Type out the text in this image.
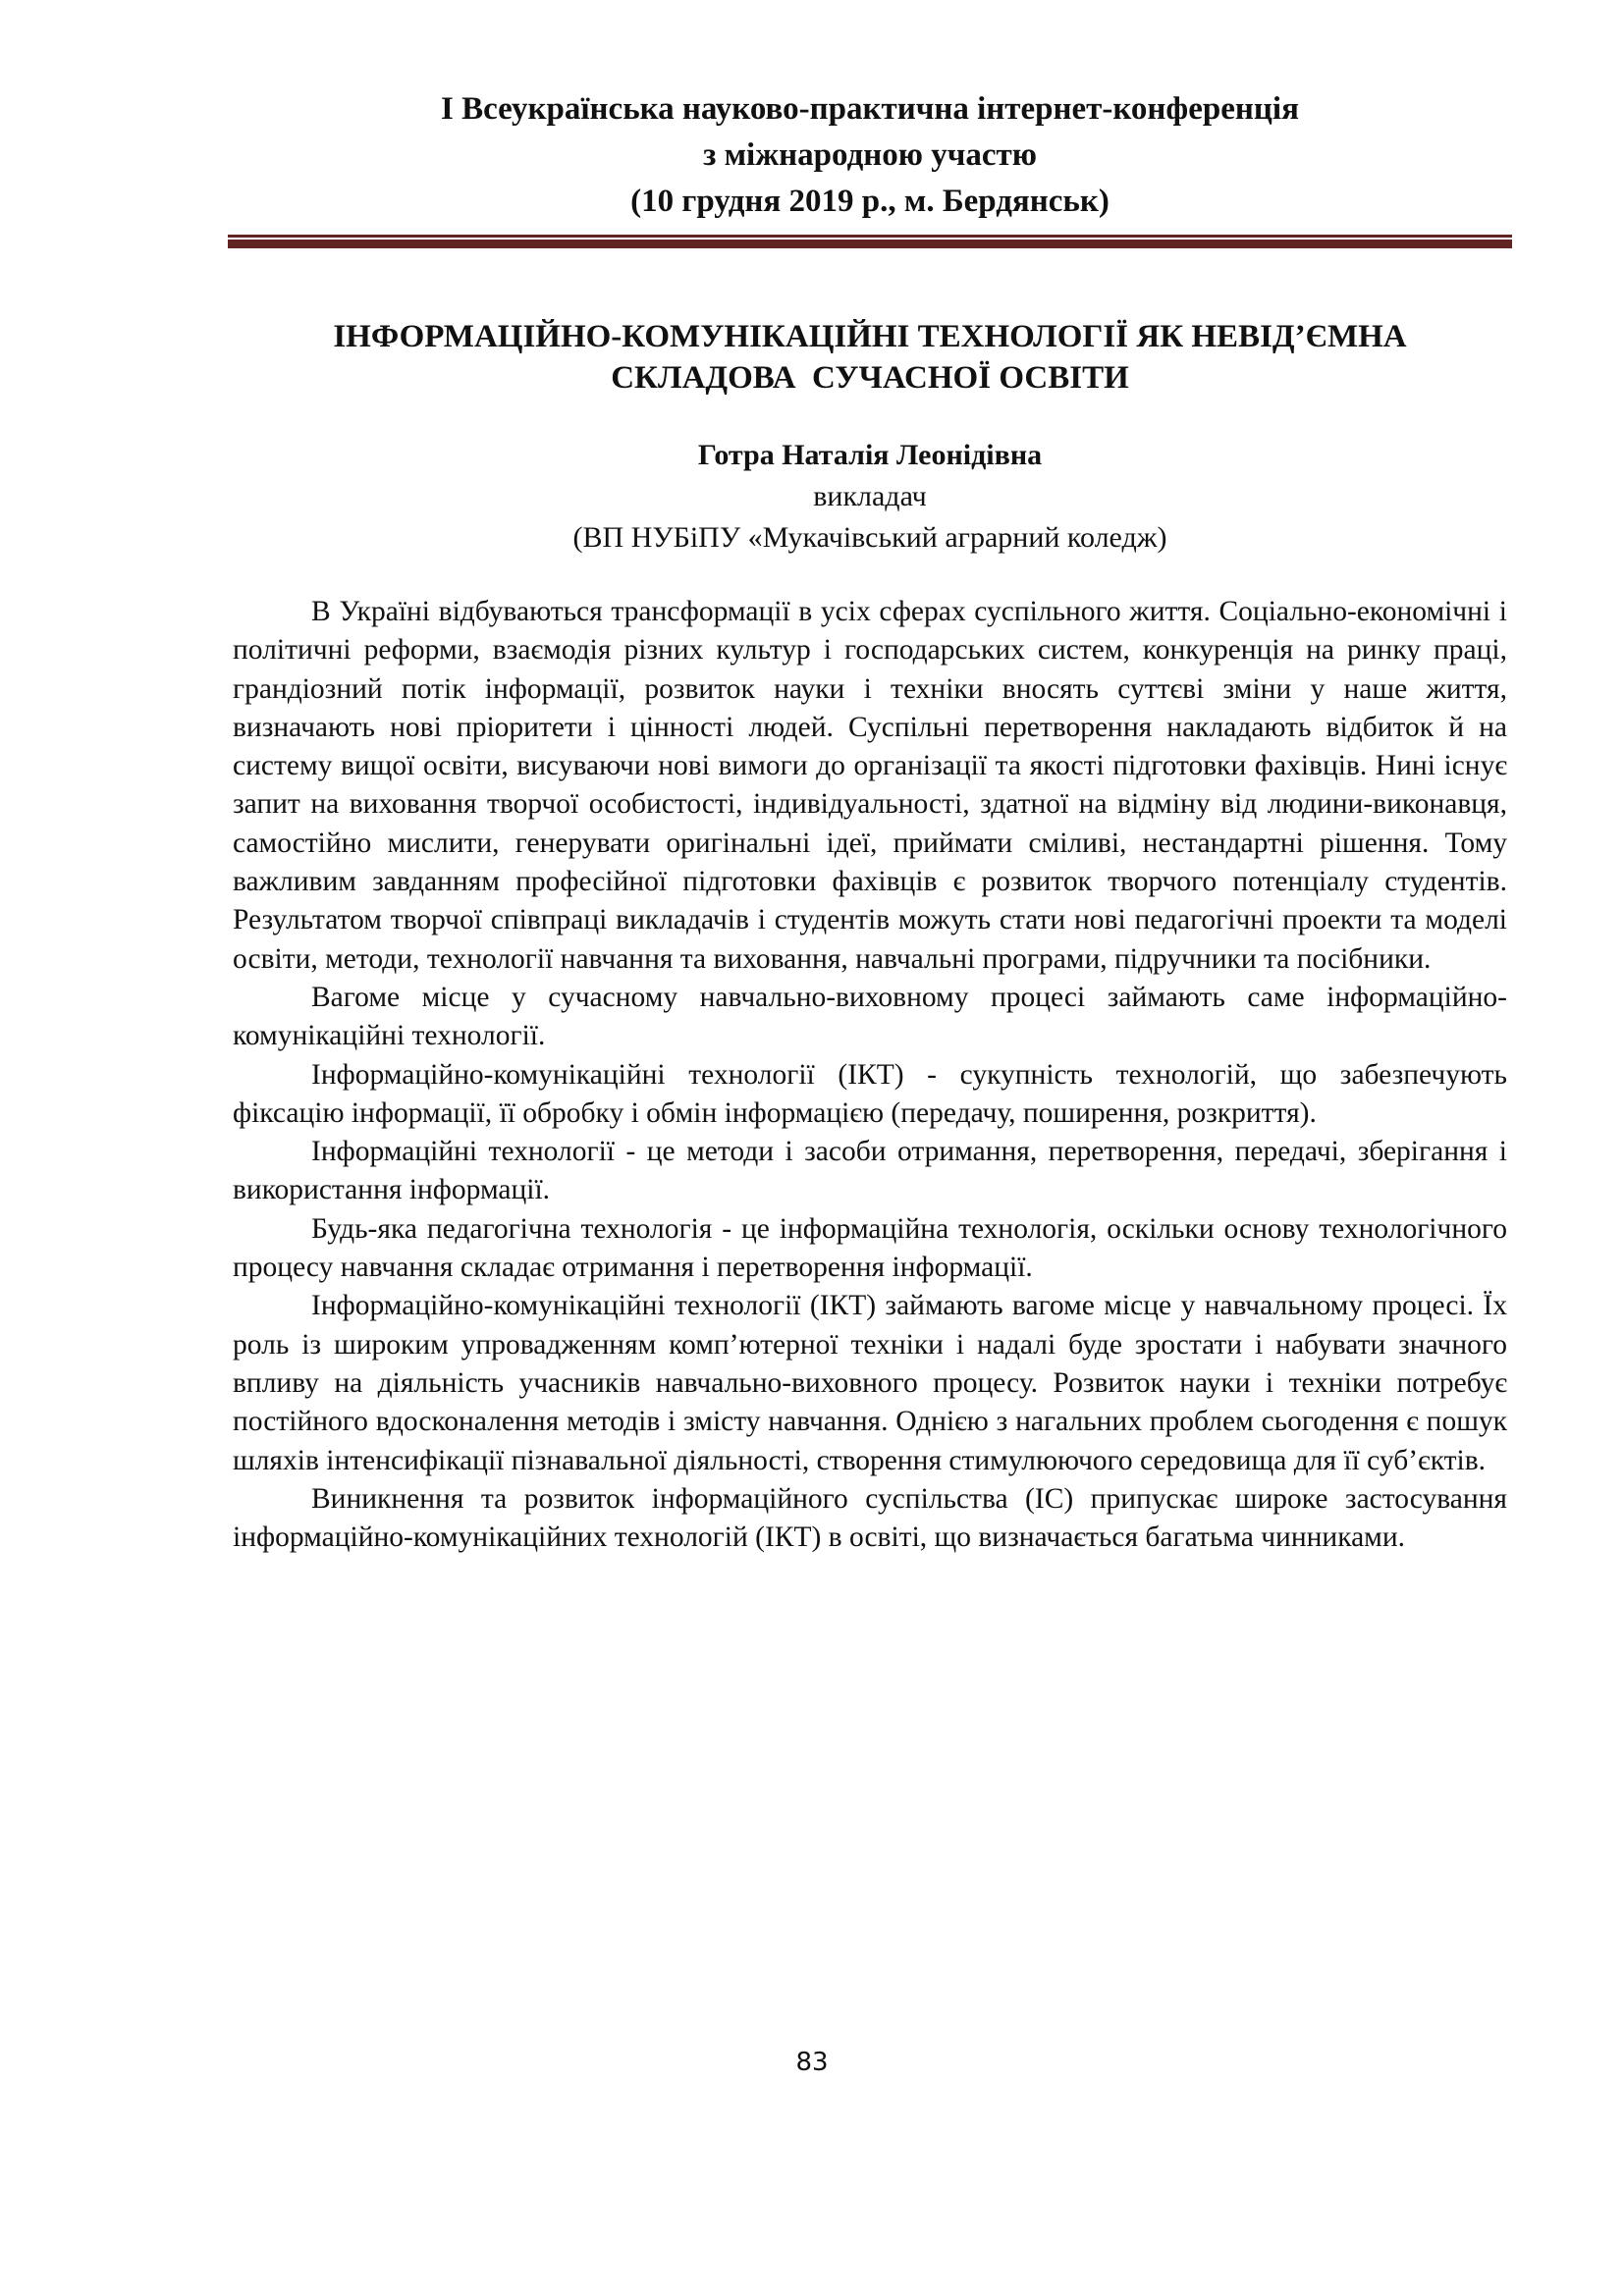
І Всеукраїнська науково-практична інтернет-конференція
з міжнародною участю
(10 грудня 2019 р., м. Бердянськ)
ІНФОРМАЦІЙНО-КОМУНІКАЦІЙНІ ТЕХНОЛОГІЇ ЯК НЕВІД’ЄМНА
СКЛАДОВА  СУЧАСНОЇ ОСВІТИ
Готра Наталія Леонідівна
викладач
(ВП НУБіПУ «Мукачівський аграрний коледж)

В Україні відбуваються трансформації в усіх сферах суспільного життя. Соціально-економічні і політичні реформи, взаємодія різних культур і господарських систем, конкуренція на ринку праці, грандіозний потік інформації, розвиток науки і техніки вносять суттєві зміни у наше життя, визначають нові пріоритети і цінності людей. Суспільні перетворення накладають відбиток й на систему вищої освіти, висуваючи нові вимоги до організації та якості підготовки фахівців. Нині існує запит на виховання творчої особистості, індивідуальності, здатної на відміну від людини-виконавця, самостійно мислити, генерувати оригінальні ідеї, приймати сміливі, нестандартні рішення. Тому важливим завданням професійної підготовки фахівців є розвиток творчого потенціалу студентів. Результатом творчої співпраці викладачів і студентів можуть стати нові педагогічні проекти та моделі освіти, методи, технології навчання та виховання, навчальні програми, підручники та посібники.

Вагоме місце у сучасному навчально-виховному процесі займають саме інформаційно- комунікаційні технології.

Інформаційно-комунікаційні технології (ІКТ) - сукупність технологій, що забезпечують фіксацію інформації, її обробку і обмін інформацією (передачу, поширення, розкриття).

Інформаційні технології - це методи і засоби отримання, перетворення, передачі, зберігання і використання інформації.

Будь-яка педагогічна технологія - це інформаційна технологія, оскільки основу технологічного процесу навчання складає отримання і перетворення інформації.

Інформаційно-комунікаційні технології (ІКТ) займають вагоме місце у навчальному процесі. Їх роль із широким упровадженням комп’ютерної техніки і надалі буде зростати і набувати значного впливу на діяльність учасників навчально-виховного процесу. Розвиток науки і техніки потребує постійного вдосконалення методів і змісту навчання. Однією з нагальних проблем сьогодення є пошук шляхів інтенсифікації пізнавальної діяльності, створення стимулюючого середовища для її суб’єктів.

Виникнення та розвиток інформаційного суспільства (ІС) припускає широке застосування інформаційно-комунікаційних технологій (ІКТ) в освіті, що визначається багатьма чинниками.

83
